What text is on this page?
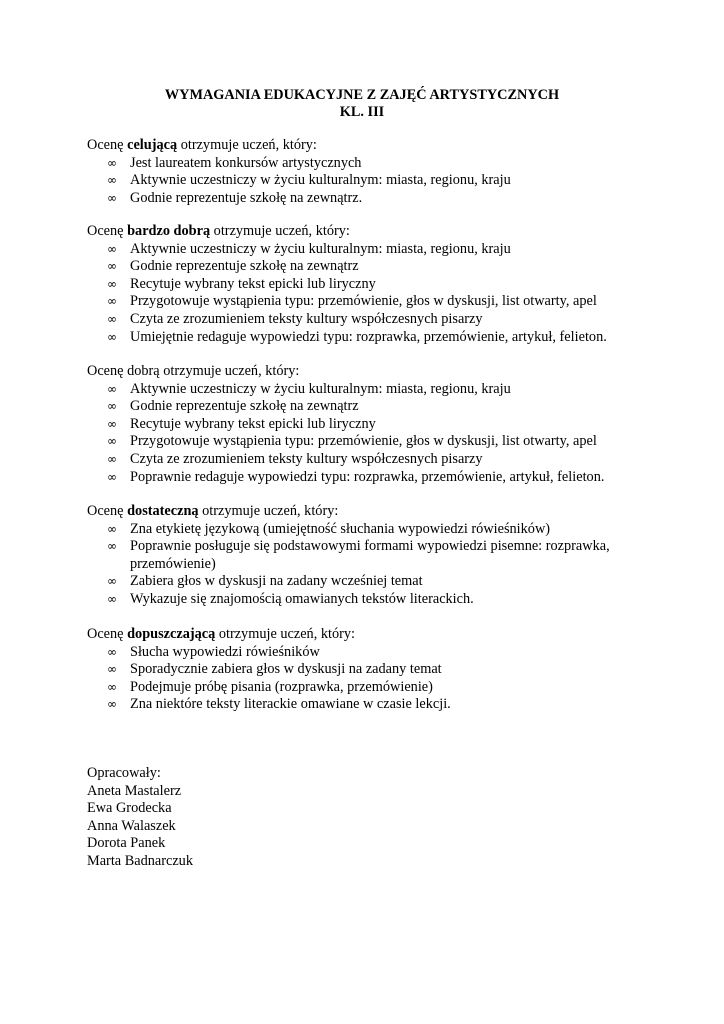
WYMAGANIA EDUKACYJNE Z ZAJĘĆ ARTYSTYCZNYCH
KL. III

Ocenę celującą otrzymuje uczeń, który:

∞ Jest laureatem konkursów artystycznych
∞ Aktywnie uczestniczy w życiu kulturalnym: miasta, regionu, kraju
∞ Godnie reprezentuje szkołę na zewnątrz.

Ocenę bardzo dobrą otrzymuje uczeń, który:

∞ Aktywnie uczestniczy w życiu kulturalnym: miasta, regionu, kraju
∞ Godnie reprezentuje szkołę na zewnątrz
∞ Recytuje wybrany tekst epicki lub liryczny
∞ Przygotowuje wystąpienia typu: przemówienie, głos w dyskusji, list otwarty, apel
∞ Czyta ze zrozumieniem teksty kultury współczesnych pisarzy
∞ Umiejętnie redaguje wypowiedzi typu: rozprawka, przemówienie, artykuł, felieton.

Ocenę dobrą otrzymuje uczeń, który:

∞ Aktywnie uczestniczy w życiu kulturalnym: miasta, regionu, kraju
∞ Godnie reprezentuje szkołę na zewnątrz
∞ Recytuje wybrany tekst epicki lub liryczny
∞ Przygotowuje wystąpienia typu: przemówienie, głos w dyskusji, list otwarty, apel
∞ Czyta ze zrozumieniem teksty kultury współczesnych pisarzy
∞ Poprawnie redaguje wypowiedzi typu: rozprawka, przemówienie, artykuł, felieton.

Ocenę dostateczną otrzymuje uczeń, który:

∞ Zna etykietę językową (umiejętność słuchania wypowiedzi rówieśników)
∞ Poprawnie posługuje się podstawowymi formami wypowiedzi pisemne: rozprawka, przemówienie)
∞ Zabiera głos w dyskusji na zadany wcześniej temat
∞ Wykazuje się znajomością omawianych tekstów literackich.

Ocenę dopuszczającą otrzymuje uczeń, który:

∞ Słucha wypowiedzi rówieśników
∞ Sporadycznie zabiera głos w dyskusji na zadany temat
∞ Podejmuje próbę pisania (rozprawka, przemówienie)
∞ Zna niektóre teksty literackie omawiane w czasie lekcji.
Opracowały:
Aneta Mastalerz
Ewa Grodecka
Anna Walaszek
Dorota Panek
Marta Badnarczuk
